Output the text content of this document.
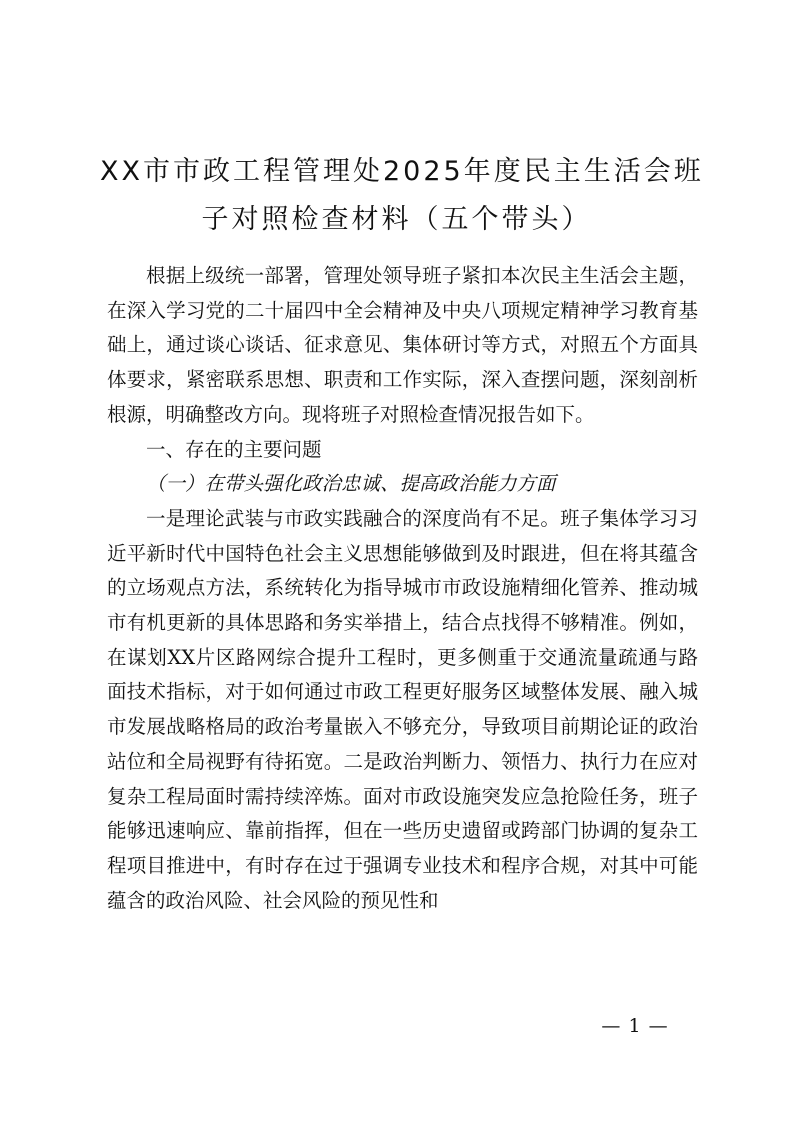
XX市市政工程管理处2025年度民主生活会班
子对照检查材料（五个带头）

根据上级统一部署，管理处领导班子紧扣本次民主生活会主题，在深入学习党的二十届四中全会精神及中央八项规定精神学习教育基础上，通过谈心谈话、征求意见、集体研讨等方式，对照五个方面具体要求，紧密联系思想、职责和工作实际，深入查摆问题，深刻剖析根源，明确整改方向。现将班子对照检查情况报告如下。

一、存在的主要问题

（一）在带头强化政治忠诚、提高政治能力方面

一是理论武装与市政实践融合的深度尚有不足。班子集体学习习近平新时代中国特色社会主义思想能够做到及时跟进，但在将其蕴含的立场观点方法，系统转化为指导城市市政设施精细化管养、推动城市有机更新的具体思路和务实举措上，结合点找得不够精准。例如，在谋划XX片区路网综合提升工程时，更多侧重于交通流量疏通与路面技术指标，对于如何通过市政工程更好服务区域整体发展、融入城市发展战略格局的政治考量嵌入不够充分，导致项目前期论证的政治站位和全局视野有待拓宽。二是政治判断力、领悟力、执行力在应对复杂工程局面时需持续淬炼。面对市政设施突发应急抢险任务，班子能够迅速响应、靠前指挥，但在一些历史遗留或跨部门协调的复杂工程项目推进中，有时存在过于强调专业技术和程序合规，对其中可能蕴含的政治风险、社会风险的预见性和

— 1 —
